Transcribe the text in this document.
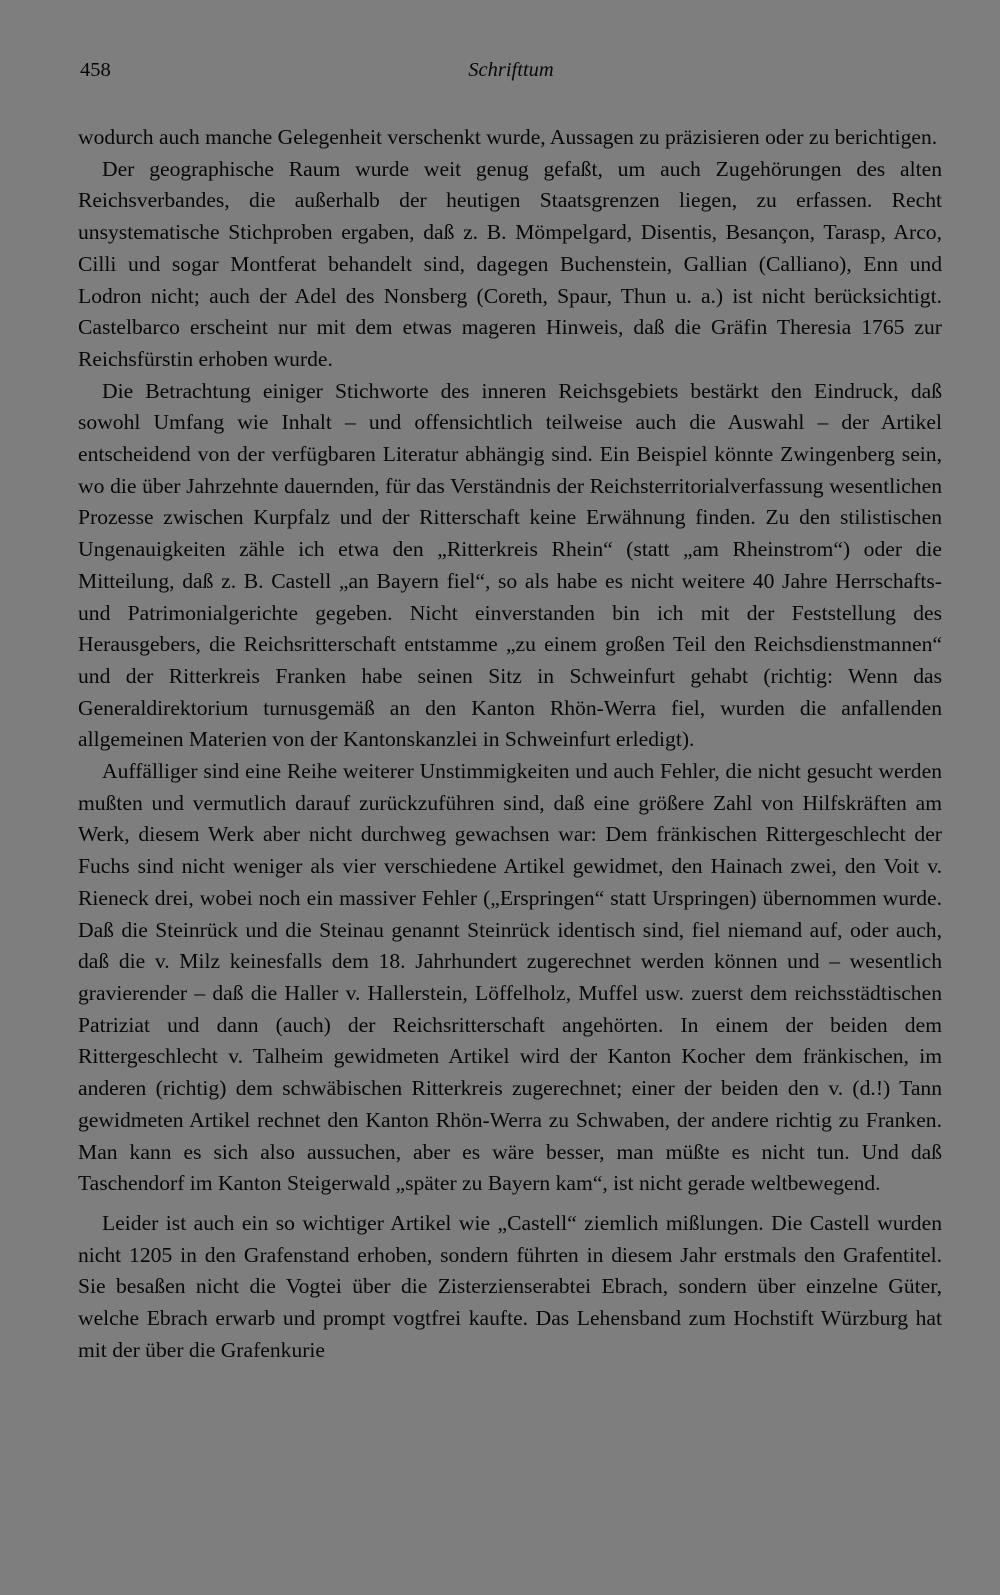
458	Schrifttum

wodurch auch manche Gelegenheit verschenkt wurde, Aussagen zu präzisieren oder zu berichtigen.

Der geographische Raum wurde weit genug gefaßt, um auch Zugehörungen des alten Reichsverbandes, die außerhalb der heutigen Staatsgrenzen liegen, zu erfassen. Recht unsystematische Stichproben ergaben, daß z. B. Mömpelgard, Disentis, Besançon, Tarasp, Arco, Cilli und sogar Montferat behandelt sind, dagegen Buchenstein, Gallian (Calliano), Enn und Lodron nicht; auch der Adel des Nonsberg (Coreth, Spaur, Thun u. a.) ist nicht berücksichtigt. Castelbarco erscheint nur mit dem etwas mageren Hinweis, daß die Gräfin Theresia 1765 zur Reichsfürstin erhoben wurde.

Die Betrachtung einiger Stichworte des inneren Reichsgebiets bestärkt den Eindruck, daß sowohl Umfang wie Inhalt – und offensichtlich teilweise auch die Auswahl – der Artikel entscheidend von der verfügbaren Literatur abhängig sind. Ein Beispiel könnte Zwingenberg sein, wo die über Jahrzehnte dauernden, für das Verständnis der Reichsterritorialverfassung wesentlichen Prozesse zwischen Kurpfalz und der Ritterschaft keine Erwähnung finden. Zu den stilistischen Ungenauigkeiten zähle ich etwa den „Ritterkreis Rhein“ (statt „am Rheinstrom“) oder die Mitteilung, daß z. B. Castell „an Bayern fiel“, so als habe es nicht weitere 40 Jahre Herrschafts- und Patrimonialgerichte gegeben. Nicht einverstanden bin ich mit der Feststellung des Herausgebers, die Reichsritterschaft entstamme „zu einem großen Teil den Reichsdienstmannen“ und der Ritterkreis Franken habe seinen Sitz in Schweinfurt gehabt (richtig: Wenn das Generaldirektorium turnusgemäß an den Kanton Rhön-Werra fiel, wurden die anfallenden allgemeinen Materien von der Kantonskanzlei in Schweinfurt erledigt).

Auffälliger sind eine Reihe weiterer Unstimmigkeiten und auch Fehler, die nicht gesucht werden mußten und vermutlich darauf zurückzuführen sind, daß eine größere Zahl von Hilfskräften am Werk, diesem Werk aber nicht durchweg gewachsen war: Dem fränkischen Rittergeschlecht der Fuchs sind nicht weniger als vier verschiedene Artikel gewidmet, den Hainach zwei, den Voit v. Rieneck drei, wobei noch ein massiver Fehler („Erspringen“ statt Urspringen) übernommen wurde. Daß die Steinrück und die Steinau genannt Steinrück identisch sind, fiel niemand auf, oder auch, daß die v. Milz keinesfalls dem 18. Jahrhundert zugerechnet werden können und – wesentlich gravierender – daß die Haller v. Hallerstein, Löffelholz, Muffel usw. zuerst dem reichsstädtischen Patriziat und dann (auch) der Reichsritterschaft angehörten. In einem der beiden dem Rittergeschlecht v. Talheim gewidmeten Artikel wird der Kanton Kocher dem fränkischen, im anderen (richtig) dem schwäbischen Ritterkreis zugerechnet; einer der beiden den v. (d.!) Tann gewidmeten Artikel rechnet den Kanton Rhön-Werra zu Schwaben, der andere richtig zu Franken. Man kann es sich also aussuchen, aber es wäre besser, man müßte es nicht tun. Und daß Taschendorf im Kanton Steigerwald „später zu Bayern kam“, ist nicht gerade weltbewegend.

Leider ist auch ein so wichtiger Artikel wie „Castell“ ziemlich mißlungen. Die Castell wurden nicht 1205 in den Grafenstand erhoben, sondern führten in diesem Jahr erstmals den Grafentitel. Sie besaßen nicht die Vogtei über die Zisterzienserabtei Ebrach, sondern über einzelne Güter, welche Ebrach erwarb und prompt vogtfrei kaufte. Das Lehensband zum Hochstift Würzburg hat mit der über die Grafenkurie
